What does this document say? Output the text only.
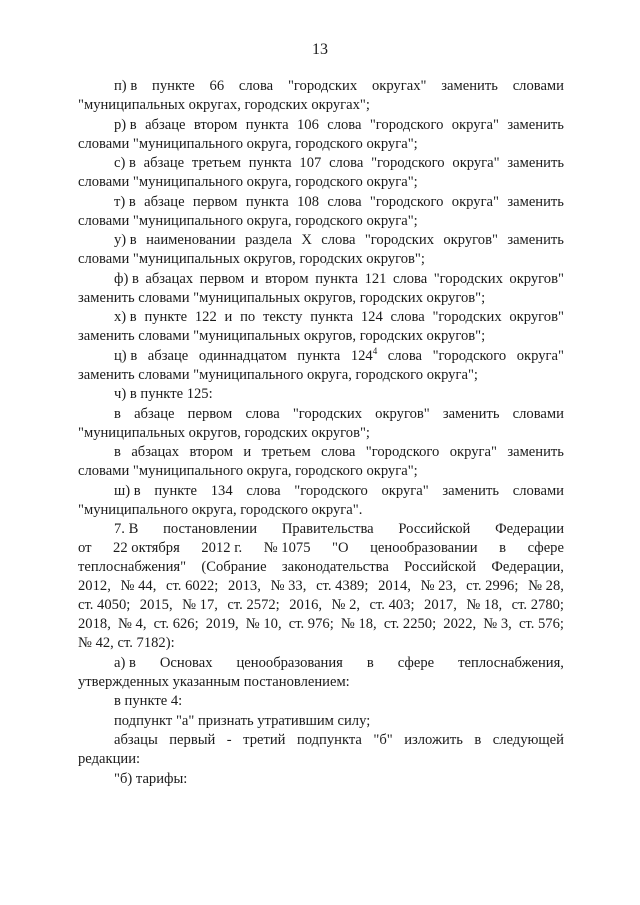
13
п) в пункте 66 слова "городских округах" заменить словами
"муниципальных округах, городских округах";
р) в абзаце втором пункта 106 слова "городского округа" заменить
словами "муниципального округа, городского округа";
с) в абзаце третьем пункта 107 слова "городского округа" заменить
словами "муниципального округа, городского округа";
т) в абзаце первом пункта 108 слова "городского округа" заменить
словами "муниципального округа, городского округа";
у) в наименовании раздела X слова "городских округов" заменить
словами "муниципальных округов, городских округов";
ф) в абзацах первом и втором пункта 121 слова "городских округов"
заменить словами "муниципальных округов, городских округов";
х) в пункте 122 и по тексту пункта 124 слова "городских округов"
заменить словами "муниципальных округов, городских округов";
ц) в абзаце одиннадцатом пункта $124^4$ слова "городского округа"
заменить словами "муниципального округа, городского округа";
ч) в пункте 125:
в абзаце первом слова "городских округов" заменить словами
"муниципальных округов, городских округов";
в абзацах втором и третьем слова "городского округа" заменить
словами "муниципального округа, городского округа";
ш) в пункте 134 слова "городского округа" заменить словами
"муниципального округа, городского округа".
7. В постановлении Правительства Российской Федерации
от 22 октября 2012 г. № 1075 "О ценообразовании в сфере
теплоснабжения" (Собрание законодательства Российской Федерации,
2012, № 44, ст. 6022; 2013, № 33, ст. 4389; 2014, № 23, ст. 2996; № 28,
ст. 4050; 2015, № 17, ст. 2572; 2016, № 2, ст. 403; 2017, № 18, ст. 2780;
2018, № 4, ст. 626; 2019, № 10, ст. 976; № 18, ст. 2250; 2022, № 3, ст. 576;
№ 42, ст. 7182):
а) в Основах ценообразования в сфере теплоснабжения,
утвержденных указанным постановлением:
в пункте 4:
подпункт "а" признать утратившим силу;
абзацы первый - третий подпункта "б" изложить в следующей
редакции:
"б) тарифы:
